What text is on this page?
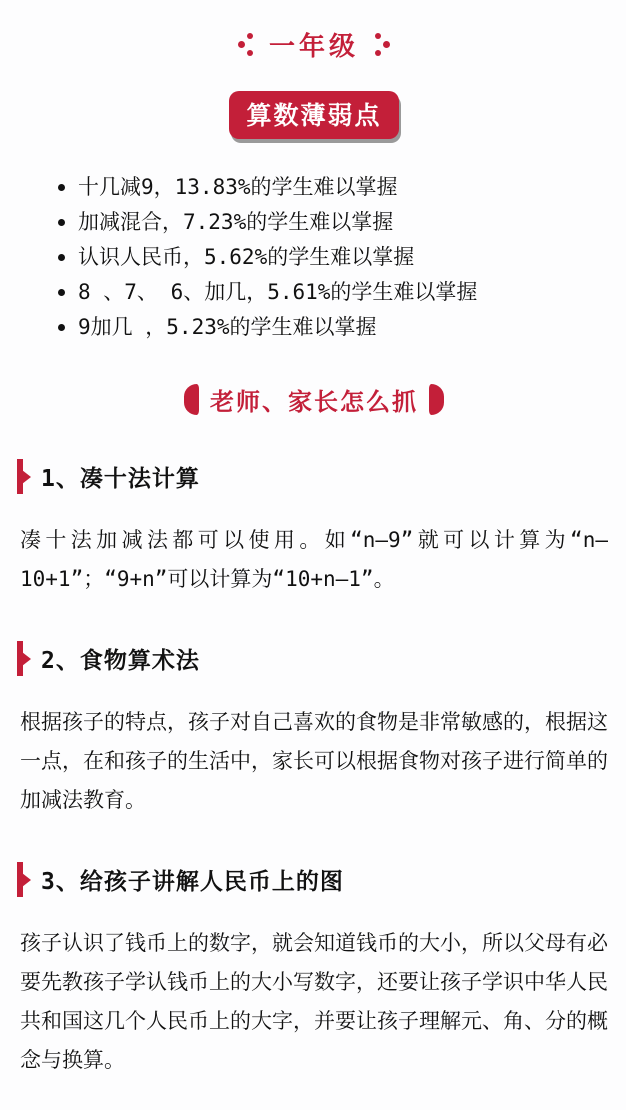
一年级
算数薄弱点
十几减9，13.83%的学生难以掌握
加减混合，7.23%的学生难以掌握
认识人民币，5.62%的学生难以掌握
8 、7、 6、加几，5.61%的学生难以掌握
9加几 ，5.23%的学生难以掌握
老师、家长怎么抓
1、凑十法计算

凑十法加减法都可以使用。如“n—9”就可以计算为“n—10+1”；“9+n”可以计算为“10+n—1”。

2、食物算术法

根据孩子的特点，孩子对自己喜欢的食物是非常敏感的，根据这一点，在和孩子的生活中，家长可以根据食物对孩子进行简单的加减法教育。

3、给孩子讲解人民币上的图

孩子认识了钱币上的数字，就会知道钱币的大小，所以父母有必要先教孩子学认钱币上的大小写数字，还要让孩子学识中华人民共和国这几个人民币上的大字，并要让孩子理解元、角、分的概念与换算。
